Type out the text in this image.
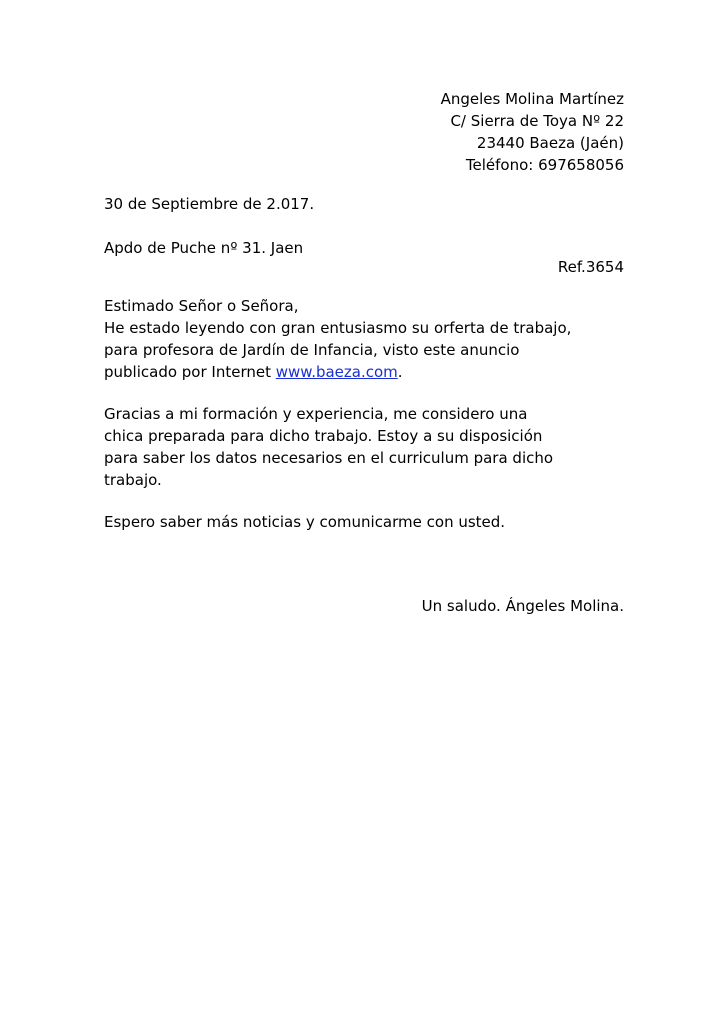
Angeles Molina Martínez
C/ Sierra de Toya Nº 22
23440 Baeza (Jaén)
Teléfono: 697658056
30 de Septiembre de 2.017.
Apdo de Puche nº 31. Jaen
Ref.3654
Estimado Señor o Señora,
He estado leyendo con gran entusiasmo su orferta de trabajo,
para profesora de Jardín de Infancia, visto este anuncio
publicado por Internet www.baeza.com.
Gracias a mi formación y experiencia, me considero una
chica preparada para dicho trabajo. Estoy a su disposición
para saber los datos necesarios en el curriculum para dicho
trabajo.
Espero saber más noticias y comunicarme con usted.
Un saludo. Ángeles Molina.
